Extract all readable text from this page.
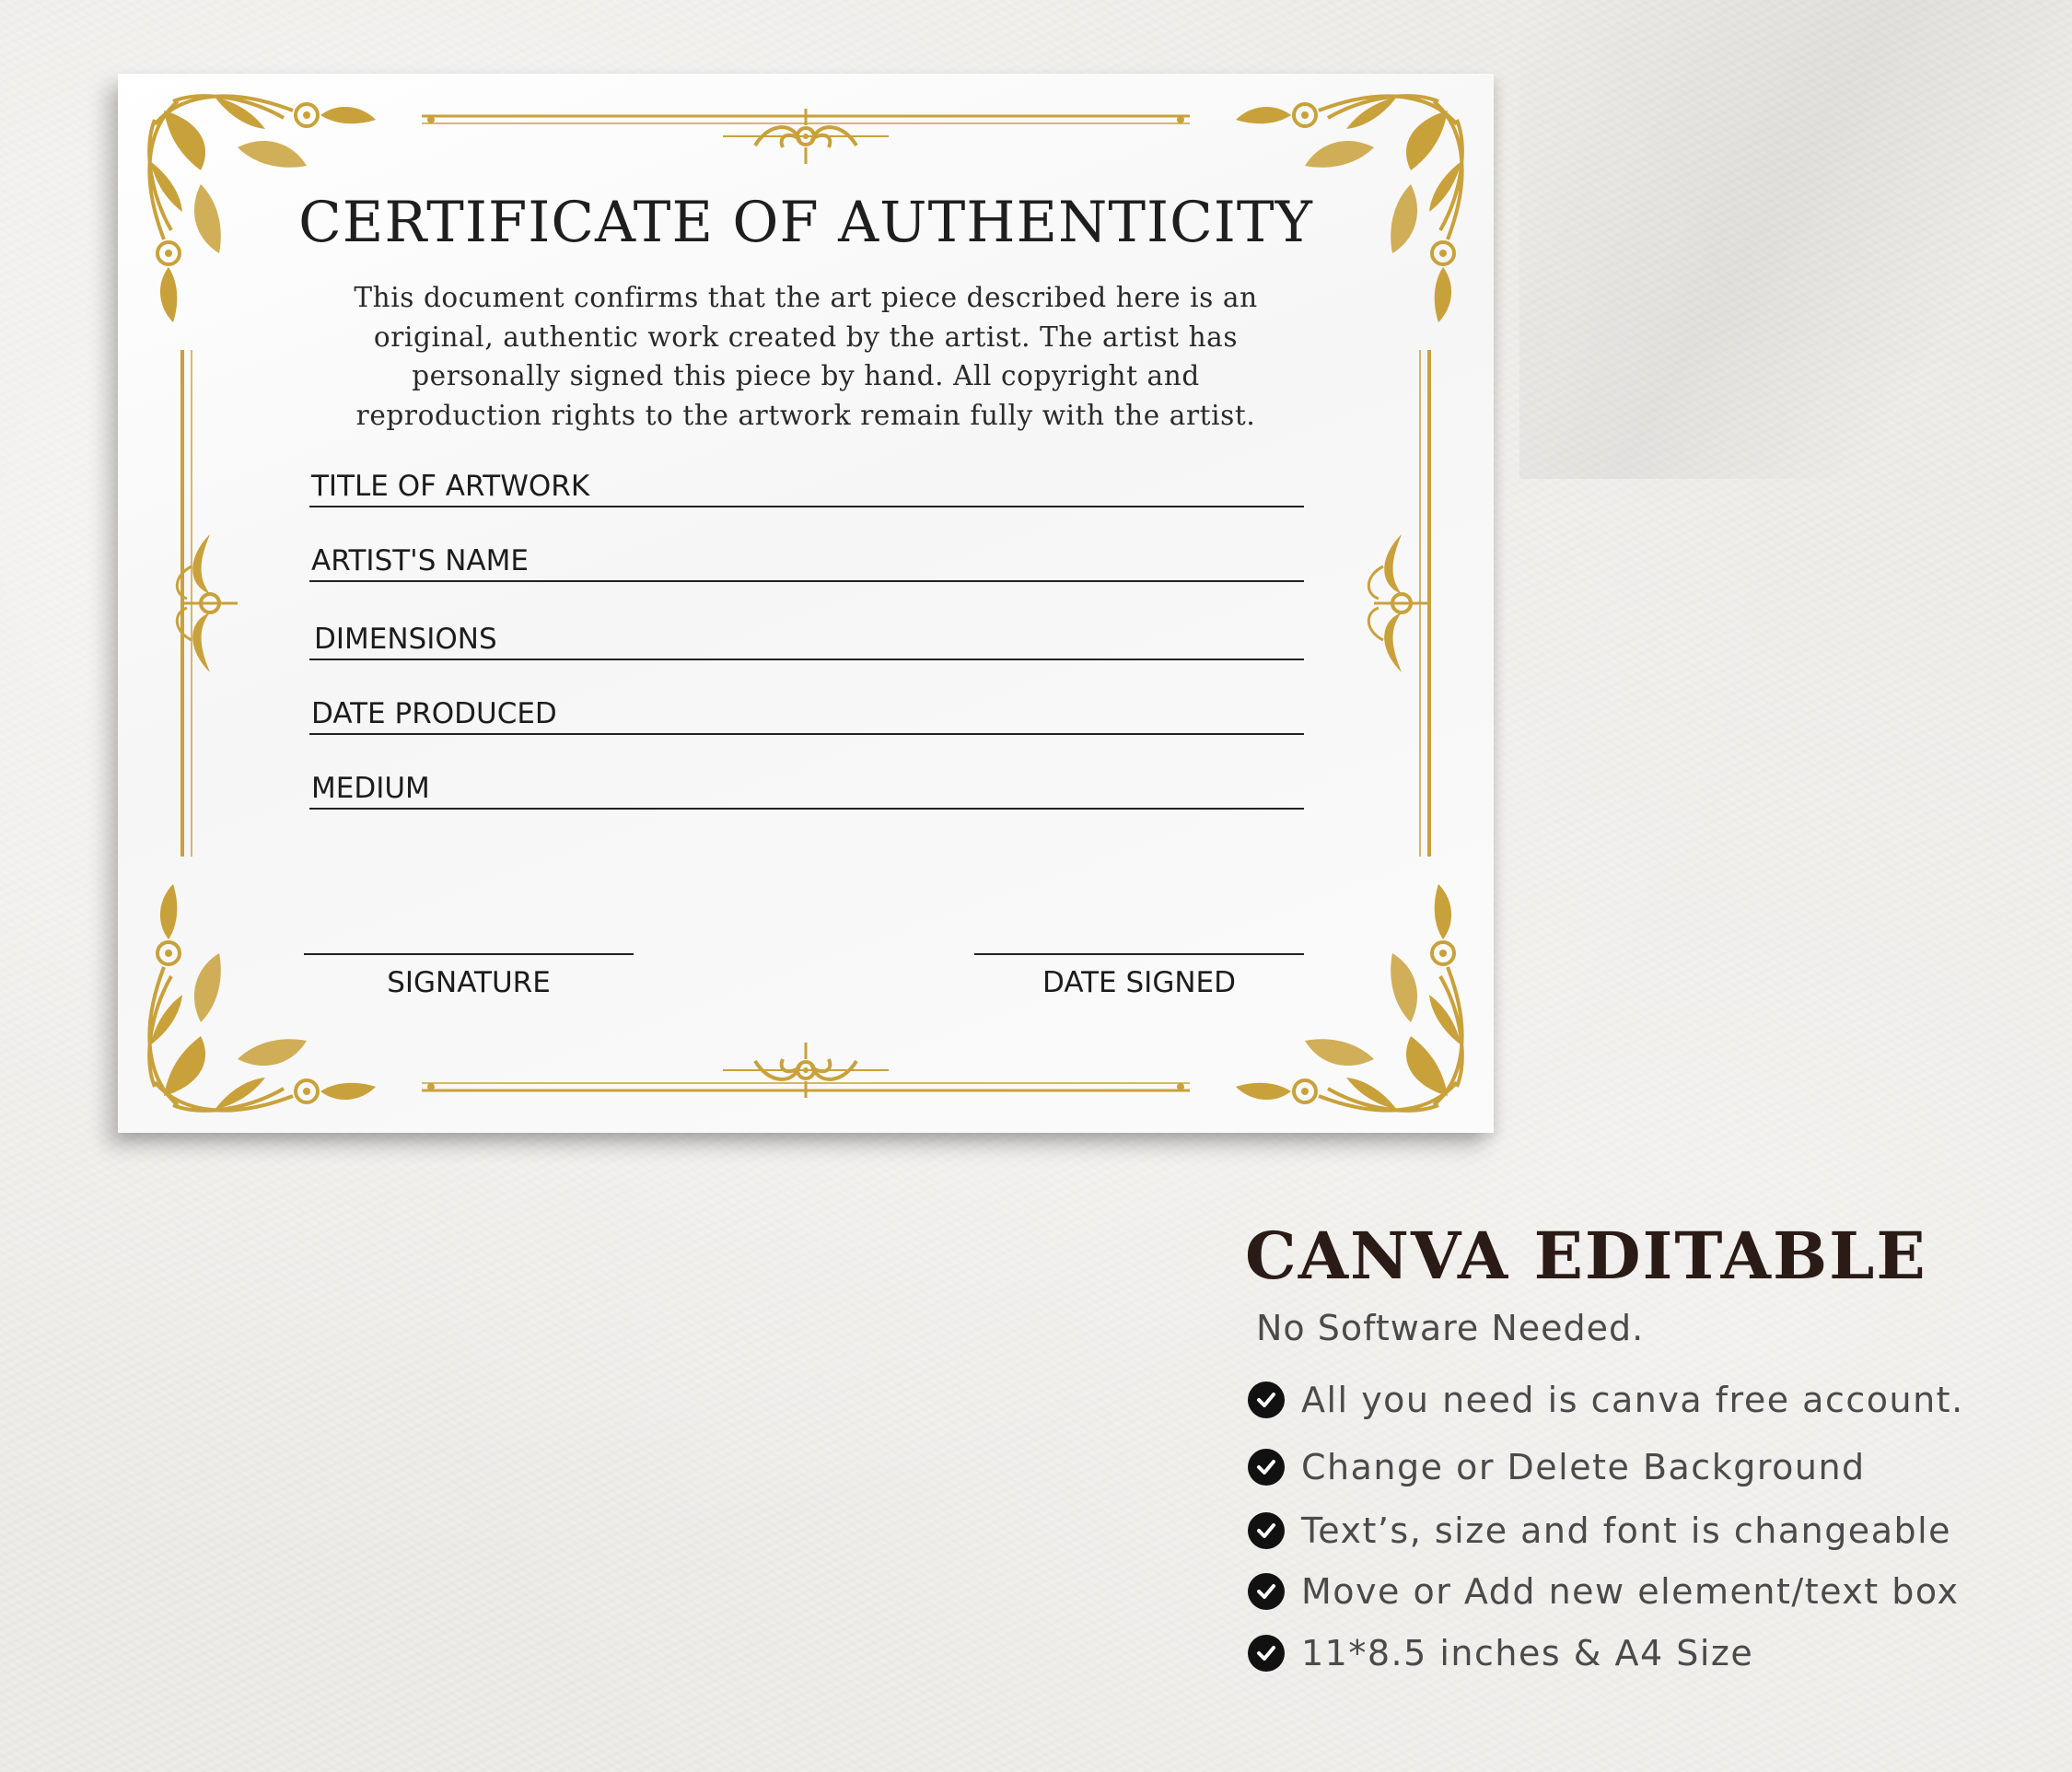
CERTIFICATE OF AUTHENTICITY
This document confirms that the art piece described here is an
original, authentic work created by the artist. The artist has
personally signed this piece by hand. All copyright and
reproduction rights to the artwork remain fully with the artist.
TITLE OF ARTWORK
ARTIST'S NAME
DIMENSIONS
DATE PRODUCED
MEDIUM
SIGNATURE	DATE SIGNED
CANVA EDITABLE
No Software Needed.
All you need is canva free account.
Change or Delete Background
Text’s, size and font is changeable
Move or Add new element/text box
11*8.5 inches & A4 Size
